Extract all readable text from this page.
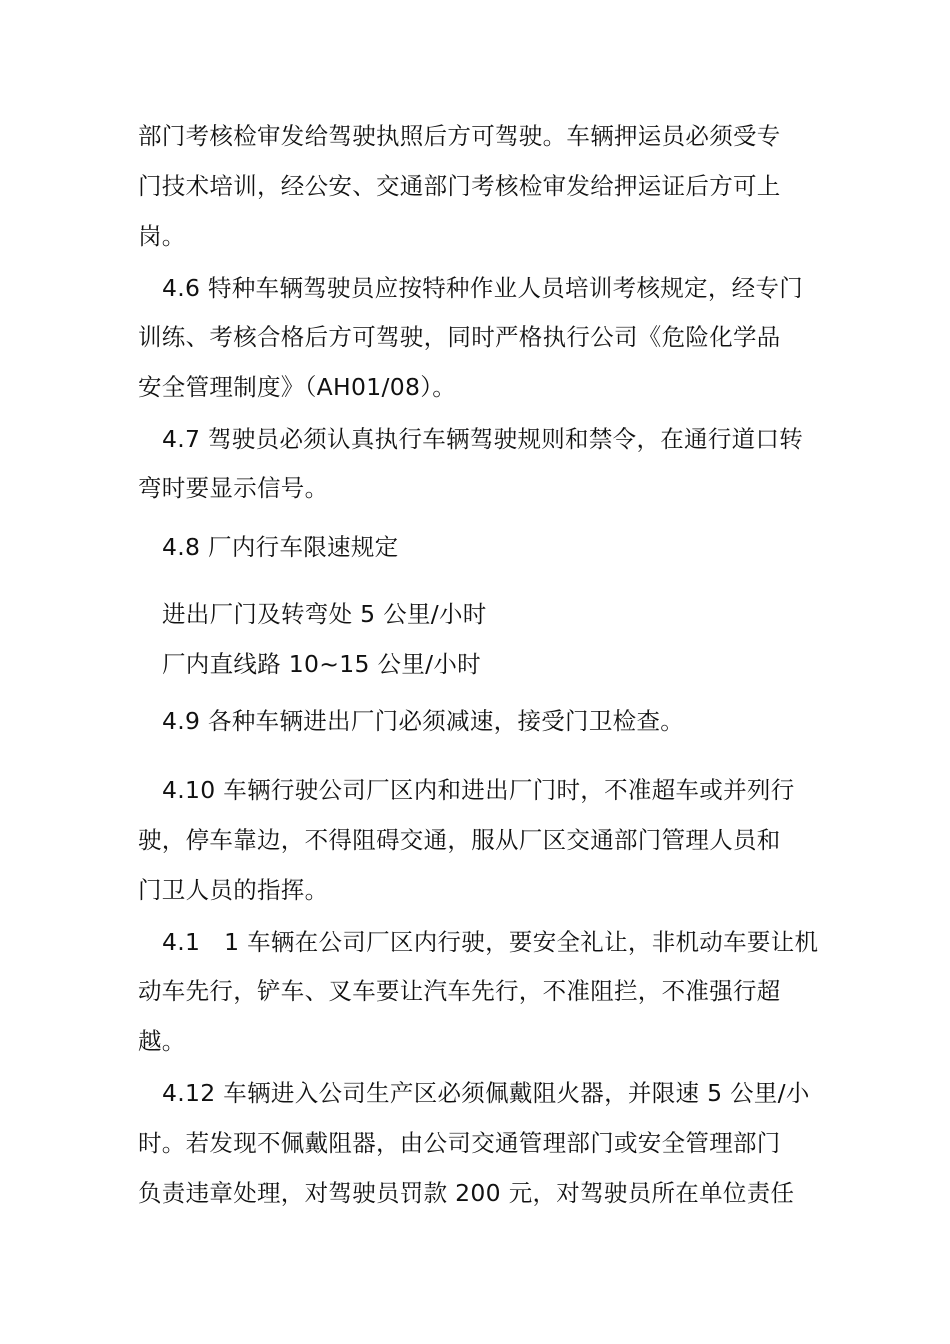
部门考核检审发给驾驶执照后方可驾驶。车辆押运员必须受专
门技术培训，经公安、交通部门考核检审发给押运证后方可上
岗。
4.6 特种车辆驾驶员应按特种作业人员培训考核规定，经专门
训练、考核合格后方可驾驶，同时严格执行公司《危险化学品
安全管理制度》（AH01/08）。
4.7 驾驶员必须认真执行车辆驾驶规则和禁令，在通行道口转
弯时要显示信号。
4.8 厂内行车限速规定
进出厂门及转弯处 5 公里/小时
厂内直线路 10~15 公里/小时
4.9 各种车辆进出厂门必须减速，接受门卫检查。
4.10 车辆行驶公司厂区内和进出厂门时，不准超车或并列行
驶，停车靠边，不得阻碍交通，服从厂区交通部门管理人员和
门卫人员的指挥。
4.1　1 车辆在公司厂区内行驶，要安全礼让，非机动车要让机
动车先行，铲车、叉车要让汽车先行，不准阻拦，不准强行超
越。
4.12 车辆进入公司生产区必须佩戴阻火器，并限速 5 公里/小
时。若发现不佩戴阻器，由公司交通管理部门或安全管理部门
负责违章处理，对驾驶员罚款 200 元，对驾驶员所在单位责任
